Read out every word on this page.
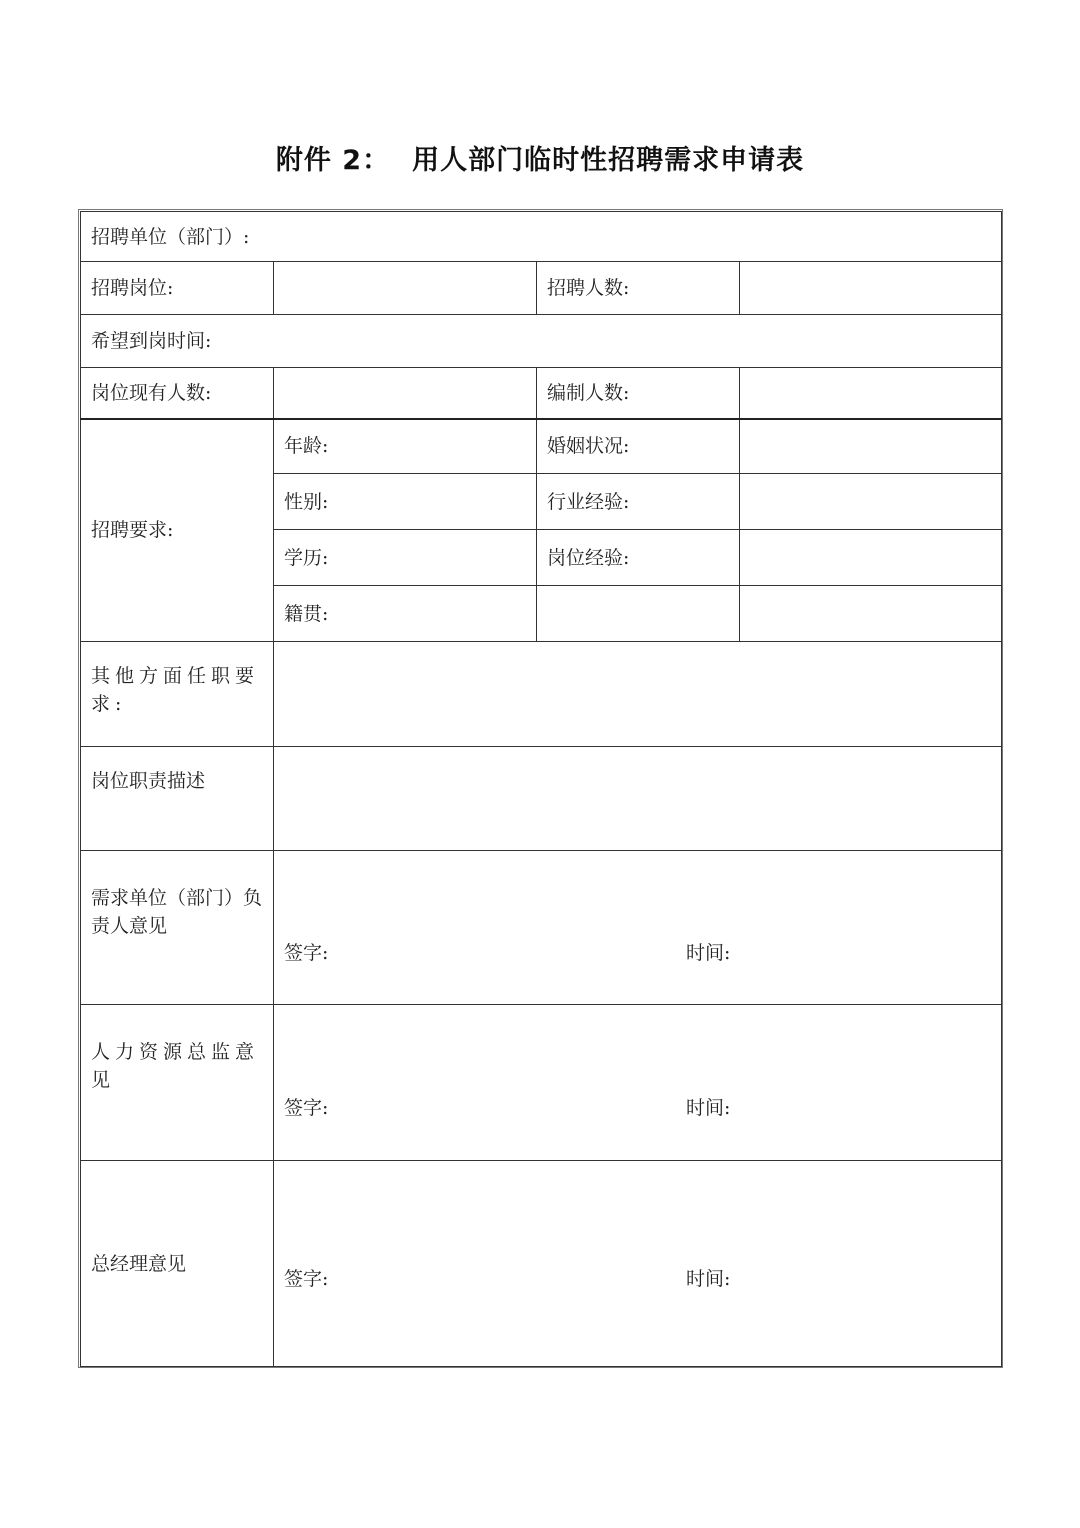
附件 2： 用人部门临时性招聘需求申请表
招聘单位（部门）:			
招聘岗位:		招聘人数:	
希望到岗时间:			
岗位现有人数:		编制人数:	
招聘要求:	年龄:	婚姻状况:	
	性别:	行业经验:	
	学历:	岗位经验:	
	籍贯:		
其他方面任职要求:			
岗位职责描述			
需求单位（部门）负责人意见	签字: 时间:		

人力资源总监意见	签字: 时间:		

总经理意见	签字: 时间:		
